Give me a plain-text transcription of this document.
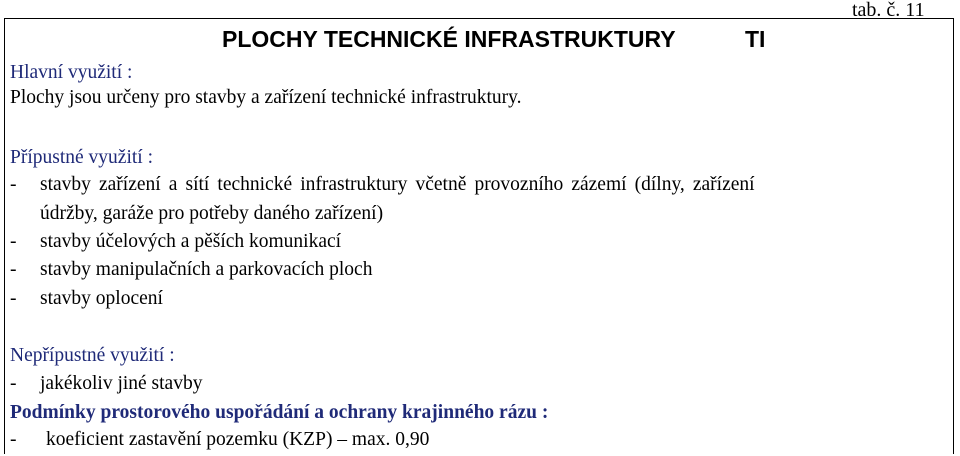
tab. č. 11
PLOCHY TECHNICKÉ INFRASTRUKTURY	TI
Hlavní využití :
Plochy jsou určeny pro stavby a zařízení technické infrastruktury.
Přípustné využití :
- stavby zařízení a sítí technické infrastruktury včetně provozního zázemí (dílny, zařízení
údržby, garáže pro potřeby daného zařízení)
- stavby účelových a pěších komunikací
- stavby manipulačních a parkovacích ploch
- stavby oplocení
Nepřípustné využití :
- jakékoliv jiné stavby
Podmínky prostorového uspořádání a ochrany krajinného rázu :
- koeficient zastavění pozemku (KZP) – max. 0,90
